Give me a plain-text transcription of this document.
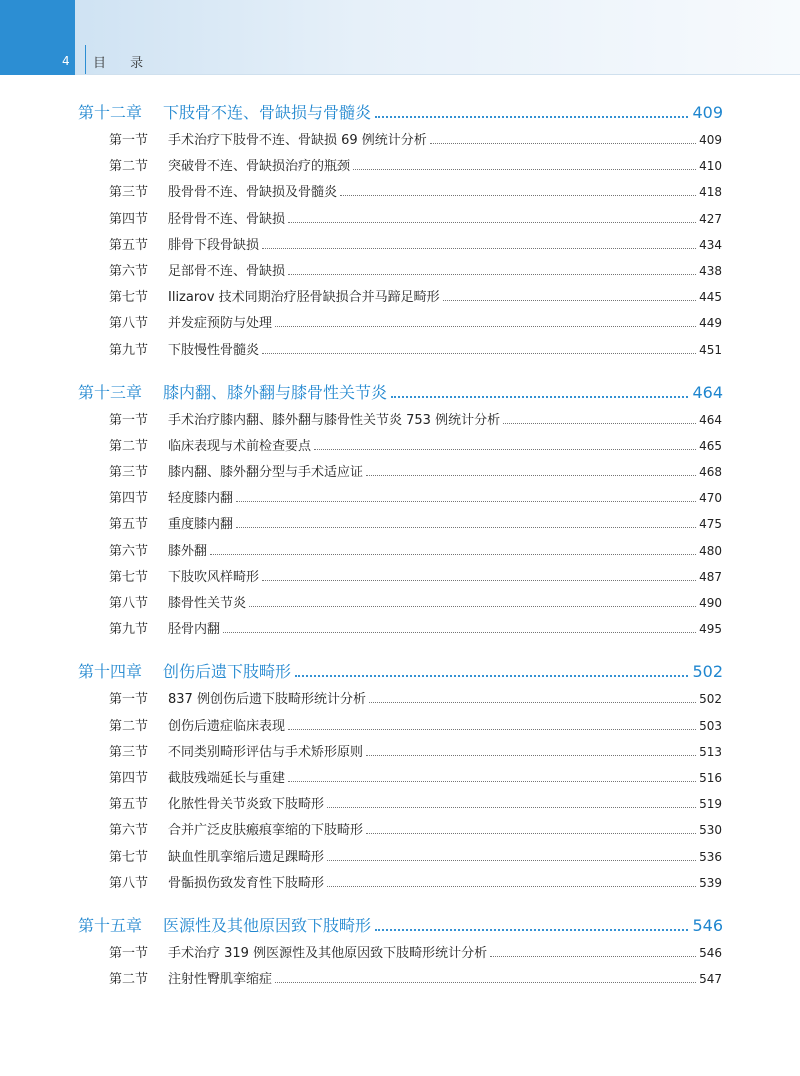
4 目 录
第十二章	下肢骨不连、骨缺损与骨髓炎	409
第一节	手术治疗下肢骨不连、骨缺损 69 例统计分析	409
第二节	突破骨不连、骨缺损治疗的瓶颈	410
第三节	股骨骨不连、骨缺损及骨髓炎	418
第四节	胫骨骨不连、骨缺损	427
第五节	腓骨下段骨缺损	434
第六节	足部骨不连、骨缺损	438
第七节	Ilizarov 技术同期治疗胫骨缺损合并马蹄足畸形	445
第八节	并发症预防与处理	449
第九节	下肢慢性骨髓炎	451
第十三章	膝内翻、膝外翻与膝骨性关节炎	464
第一节	手术治疗膝内翻、膝外翻与膝骨性关节炎 753 例统计分析	464
第二节	临床表现与术前检查要点	465
第三节	膝内翻、膝外翻分型与手术适应证	468
第四节	轻度膝内翻	470
第五节	重度膝内翻	475
第六节	膝外翻	480
第七节	下肢吹风样畸形	487
第八节	膝骨性关节炎	490
第九节	胫骨内翻	495
第十四章	创伤后遗下肢畸形	502
第一节	837 例创伤后遗下肢畸形统计分析	502
第二节	创伤后遗症临床表现	503
第三节	不同类别畸形评估与手术矫形原则	513
第四节	截肢残端延长与重建	516
第五节	化脓性骨关节炎致下肢畸形	519
第六节	合并广泛皮肤瘢痕挛缩的下肢畸形	530
第七节	缺血性肌挛缩后遗足踝畸形	536
第八节	骨骺损伤致发育性下肢畸形	539
第十五章	医源性及其他原因致下肢畸形	546
第一节	手术治疗 319 例医源性及其他原因致下肢畸形统计分析	546
第二节	注射性臀肌挛缩症	547
